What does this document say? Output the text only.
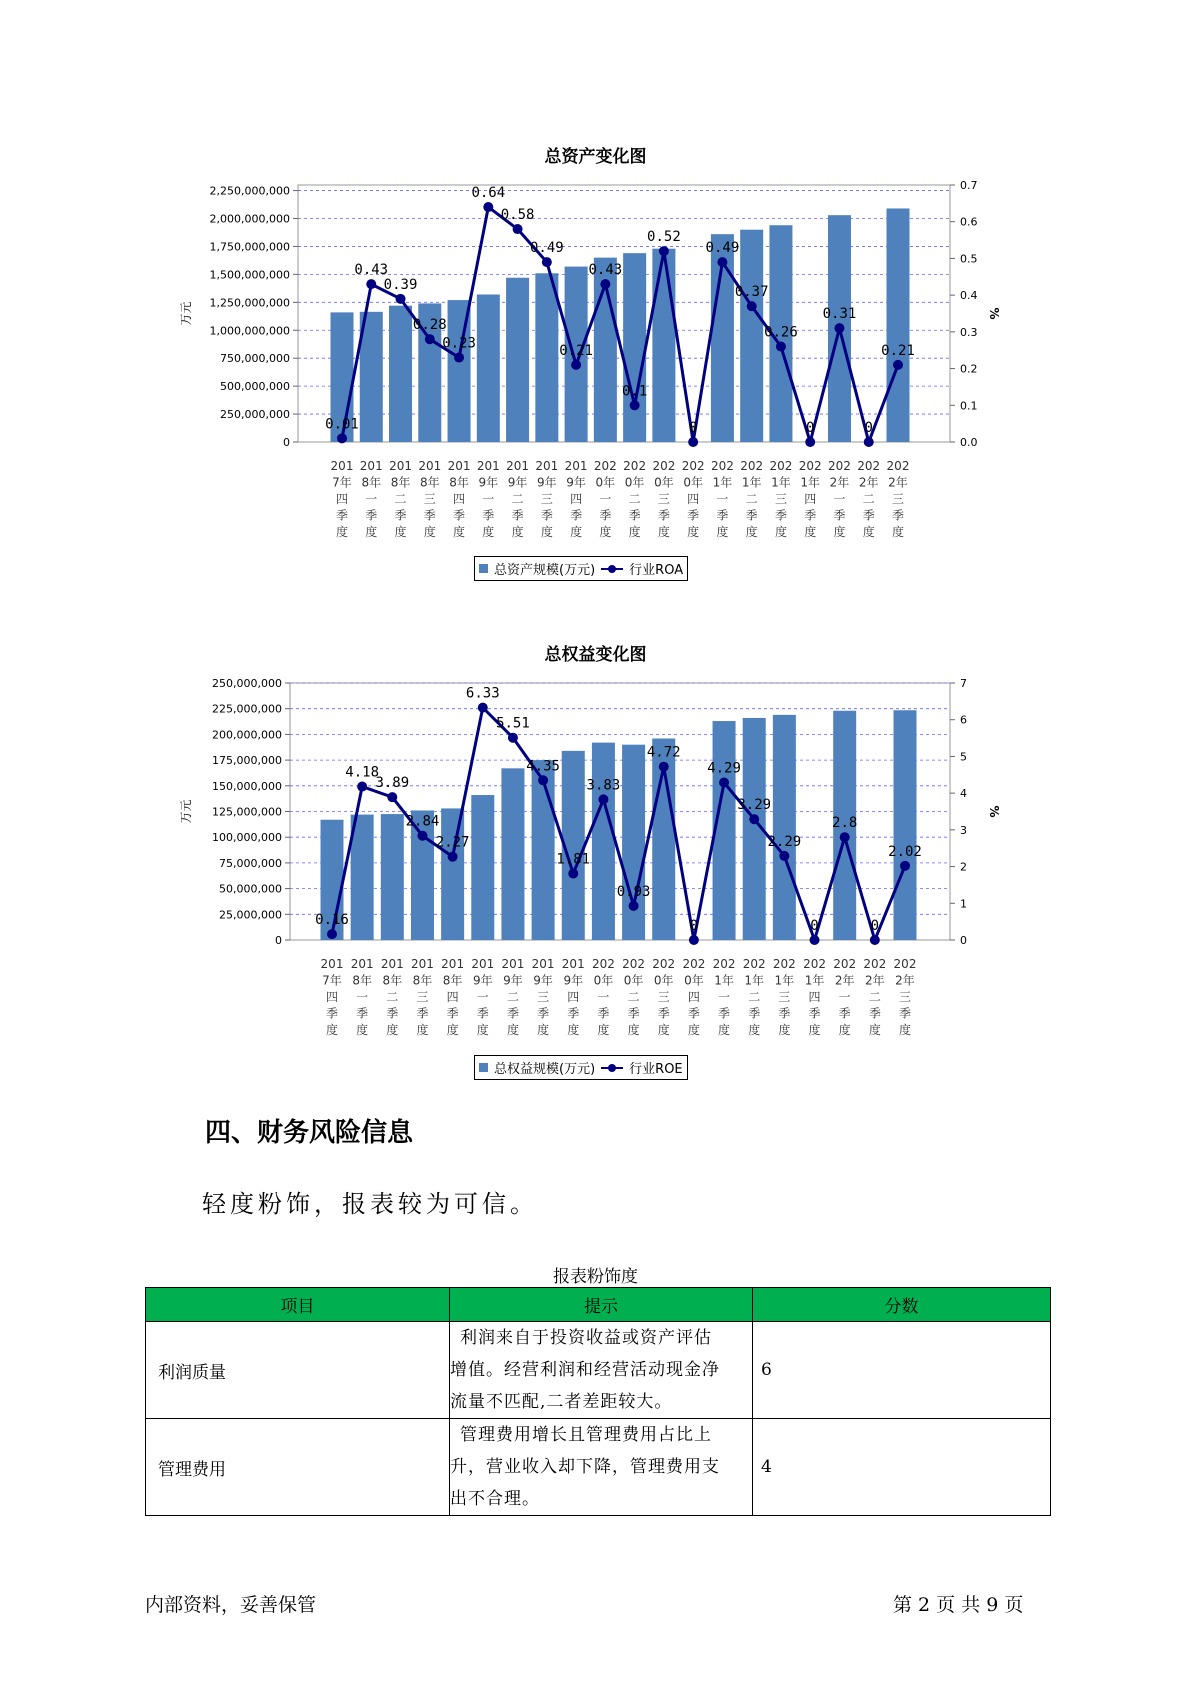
总资产变化图
0
250,000,000
500,000,000
750,000,000
1,000,000,000
1,250,000,000
1,500,000,000
1,750,000,000
2,000,000,000
2,250,000,000
0.0
0.1
0.2
0.3
0.4
0.5
0.6
0.7
万元	%
0.01
0.43
0.39
0.28
0.23
0.64
0.58
0.49
0.21
0.43
0.1
0.52
0
0.49
0.37
0.26
0
0.31
0
0.21
201
7年
四
季
度
201
8年
一
季
度
201
8年
二
季
度
201
8年
三
季
度
201
8年
四
季
度
201
9年
一
季
度
201
9年
二
季
度
201
9年
三
季
度
201
9年
四
季
度
202
0年
一
季
度
202
0年
二
季
度
202
0年
三
季
度
202
0年
四
季
度
202
1年
一
季
度
202
1年
二
季
度
202
1年
三
季
度
202
1年
四
季
度
202
2年
一
季
度
202
2年
二
季
度
202
2年
三
季
度
总资产规模(万元)	行业ROA
总权益变化图
0
25,000,000
50,000,000
75,000,000
100,000,000
125,000,000
150,000,000
175,000,000
200,000,000
225,000,000
250,000,000
0
1
2
3
4
5
6
7
万元	%
0.16
4.18
3.89
2.84
2.27
6.33
5.51
4.35
1.81
3.83
0.93
4.72
0
4.29
3.29
2.29
0
2.8
0
2.02
201
7年
四
季
度
201
8年
一
季
度
201
8年
二
季
度
201
8年
三
季
度
201
8年
四
季
度
201
9年
一
季
度
201
9年
二
季
度
201
9年
三
季
度
201
9年
四
季
度
202
0年
一
季
度
202
0年
二
季
度
202
0年
三
季
度
202
0年
四
季
度
202
1年
一
季
度
202
1年
二
季
度
202
1年
三
季
度
202
1年
四
季
度
202
2年
一
季
度
202
2年
二
季
度
202
2年
三
季
度
总权益规模(万元)	行业ROE
四、财务风险信息
轻度粉饰，报表较为可信。
报表粉饰度
项目	提示	分数
利润质量	利润来自于投资收益或资产评估
增值。经营利润和经营活动现金净
流量不匹配,二者差距较大。	6
管理费用	管理费用增长且管理费用占比上
升，营业收入却下降，管理费用支
出不合理。	4
内部资料，妥善保管	第 2 页 共 9 页
